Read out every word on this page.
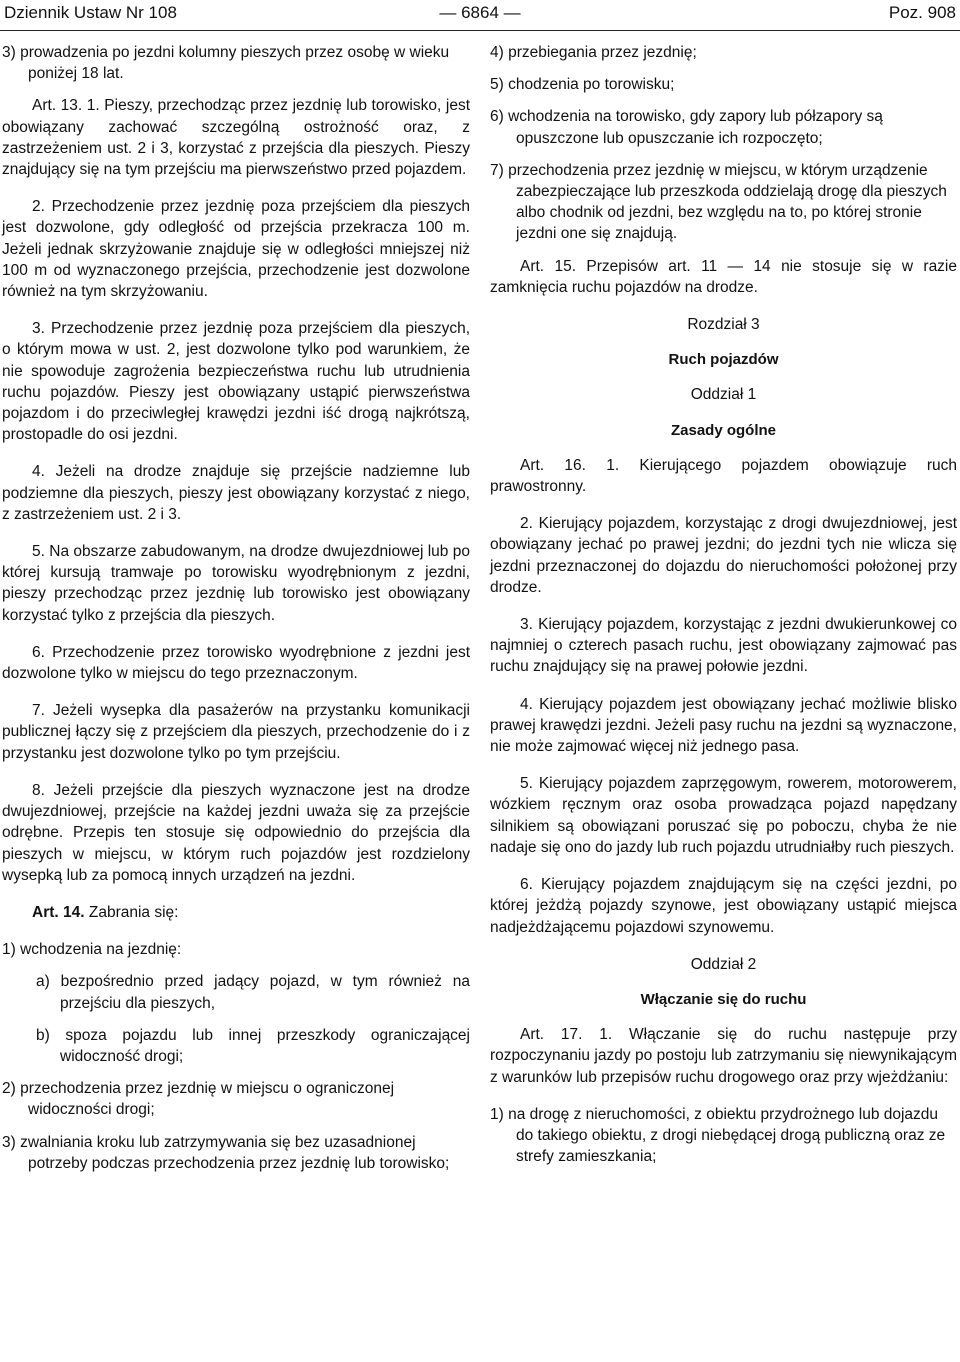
Dziennik Ustaw Nr 108	— 6864 —	Poz. 908

3) prowadzenia po jezdni kolumny pieszych przez osobę w wieku poniżej 18 lat.

Art. 13. 1. Pieszy, przechodząc przez jezdnię lub torowisko, jest obowiązany zachować szczególną ostrożność oraz, z zastrzeżeniem ust. 2 i 3, korzystać z przejścia dla pieszych. Pieszy znajdujący się na tym przejściu ma pierwszeństwo przed pojazdem.

2. Przechodzenie przez jezdnię poza przejściem dla pieszych jest dozwolone, gdy odległość od przejścia przekracza 100 m. Jeżeli jednak skrzyżowanie znajduje się w odległości mniejszej niż 100 m od wyznaczonego przejścia, przechodzenie jest dozwolone również na tym skrzyżowaniu.

3. Przechodzenie przez jezdnię poza przejściem dla pieszych, o którym mowa w ust. 2, jest dozwolone tylko pod warunkiem, że nie spowoduje zagrożenia bezpieczeństwa ruchu lub utrudnienia ruchu pojazdów. Pieszy jest obowiązany ustąpić pierwszeństwa pojazdom i do przeciwległej krawędzi jezdni iść drogą najkrótszą, prostopadle do osi jezdni.

4. Jeżeli na drodze znajduje się przejście nadziemne lub podziemne dla pieszych, pieszy jest obowiązany korzystać z niego, z zastrzeżeniem ust. 2 i 3.

5. Na obszarze zabudowanym, na drodze dwujezdniowej lub po której kursują tramwaje po torowisku wyodrębnionym z jezdni, pieszy przechodząc przez jezdnię lub torowisko jest obowiązany korzystać tylko z przejścia dla pieszych.

6. Przechodzenie przez torowisko wyodrębnione z jezdni jest dozwolone tylko w miejscu do tego przeznaczonym.

7. Jeżeli wysepka dla pasażerów na przystanku komunikacji publicznej łączy się z przejściem dla pieszych, przechodzenie do i z przystanku jest dozwolone tylko po tym przejściu.

8. Jeżeli przejście dla pieszych wyznaczone jest na drodze dwujezdniowej, przejście na każdej jezdni uważa się za przejście odrębne. Przepis ten stosuje się odpowiednio do przejścia dla pieszych w miejscu, w którym ruch pojazdów jest rozdzielony wysepką lub za pomocą innych urządzeń na jezdni.

Art. 14. Zabrania się:

1) wchodzenia na jezdnię:

a) bezpośrednio przed jadący pojazd, w tym również na przejściu dla pieszych,

b) spoza pojazdu lub innej przeszkody ograniczającej widoczność drogi;

2) przechodzenia przez jezdnię w miejscu o ograniczonej widoczności drogi;

3) zwalniania kroku lub zatrzymywania się bez uzasadnionej potrzeby podczas przechodzenia przez jezdnię lub torowisko;

4) przebiegania przez jezdnię;

5) chodzenia po torowisku;

6) wchodzenia na torowisko, gdy zapory lub półzapory są opuszczone lub opuszczanie ich rozpoczęto;

7) przechodzenia przez jezdnię w miejscu, w którym urządzenie zabezpieczające lub przeszkoda oddzielają drogę dla pieszych albo chodnik od jezdni, bez względu na to, po której stronie jezdni one się znajdują.

Art. 15. Przepisów art. 11 — 14 nie stosuje się w razie zamknięcia ruchu pojazdów na drodze.

Rozdział 3

Ruch pojazdów

Oddział 1

Zasady ogólne

Art. 16. 1. Kierującego pojazdem obowiązuje ruch prawostronny.

2. Kierujący pojazdem, korzystając z drogi dwujezdniowej, jest obowiązany jechać po prawej jezdni; do jezdni tych nie wlicza się jezdni przeznaczonej do dojazdu do nieruchomości położonej przy drodze.

3. Kierujący pojazdem, korzystając z jezdni dwukierunkowej co najmniej o czterech pasach ruchu, jest obowiązany zajmować pas ruchu znajdujący się na prawej połowie jezdni.

4. Kierujący pojazdem jest obowiązany jechać możliwie blisko prawej krawędzi jezdni. Jeżeli pasy ruchu na jezdni są wyznaczone, nie może zajmować więcej niż jednego pasa.

5. Kierujący pojazdem zaprzęgowym, rowerem, motorowerem, wózkiem ręcznym oraz osoba prowadząca pojazd napędzany silnikiem są obowiązani poruszać się po poboczu, chyba że nie nadaje się ono do jazdy lub ruch pojazdu utrudniałby ruch pieszych.

6. Kierujący pojazdem znajdującym się na części jezdni, po której jeżdżą pojazdy szynowe, jest obowiązany ustąpić miejsca nadjeżdżającemu pojazdowi szynowemu.

Oddział 2

Włączanie się do ruchu

Art. 17. 1. Włączanie się do ruchu następuje przy rozpoczynaniu jazdy po postoju lub zatrzymaniu się niewynikającym z warunków lub przepisów ruchu drogowego oraz przy wjeżdżaniu:

1) na drogę z nieruchomości, z obiektu przydrożnego lub dojazdu do takiego obiektu, z drogi niebędącej drogą publiczną oraz ze strefy zamieszkania;
